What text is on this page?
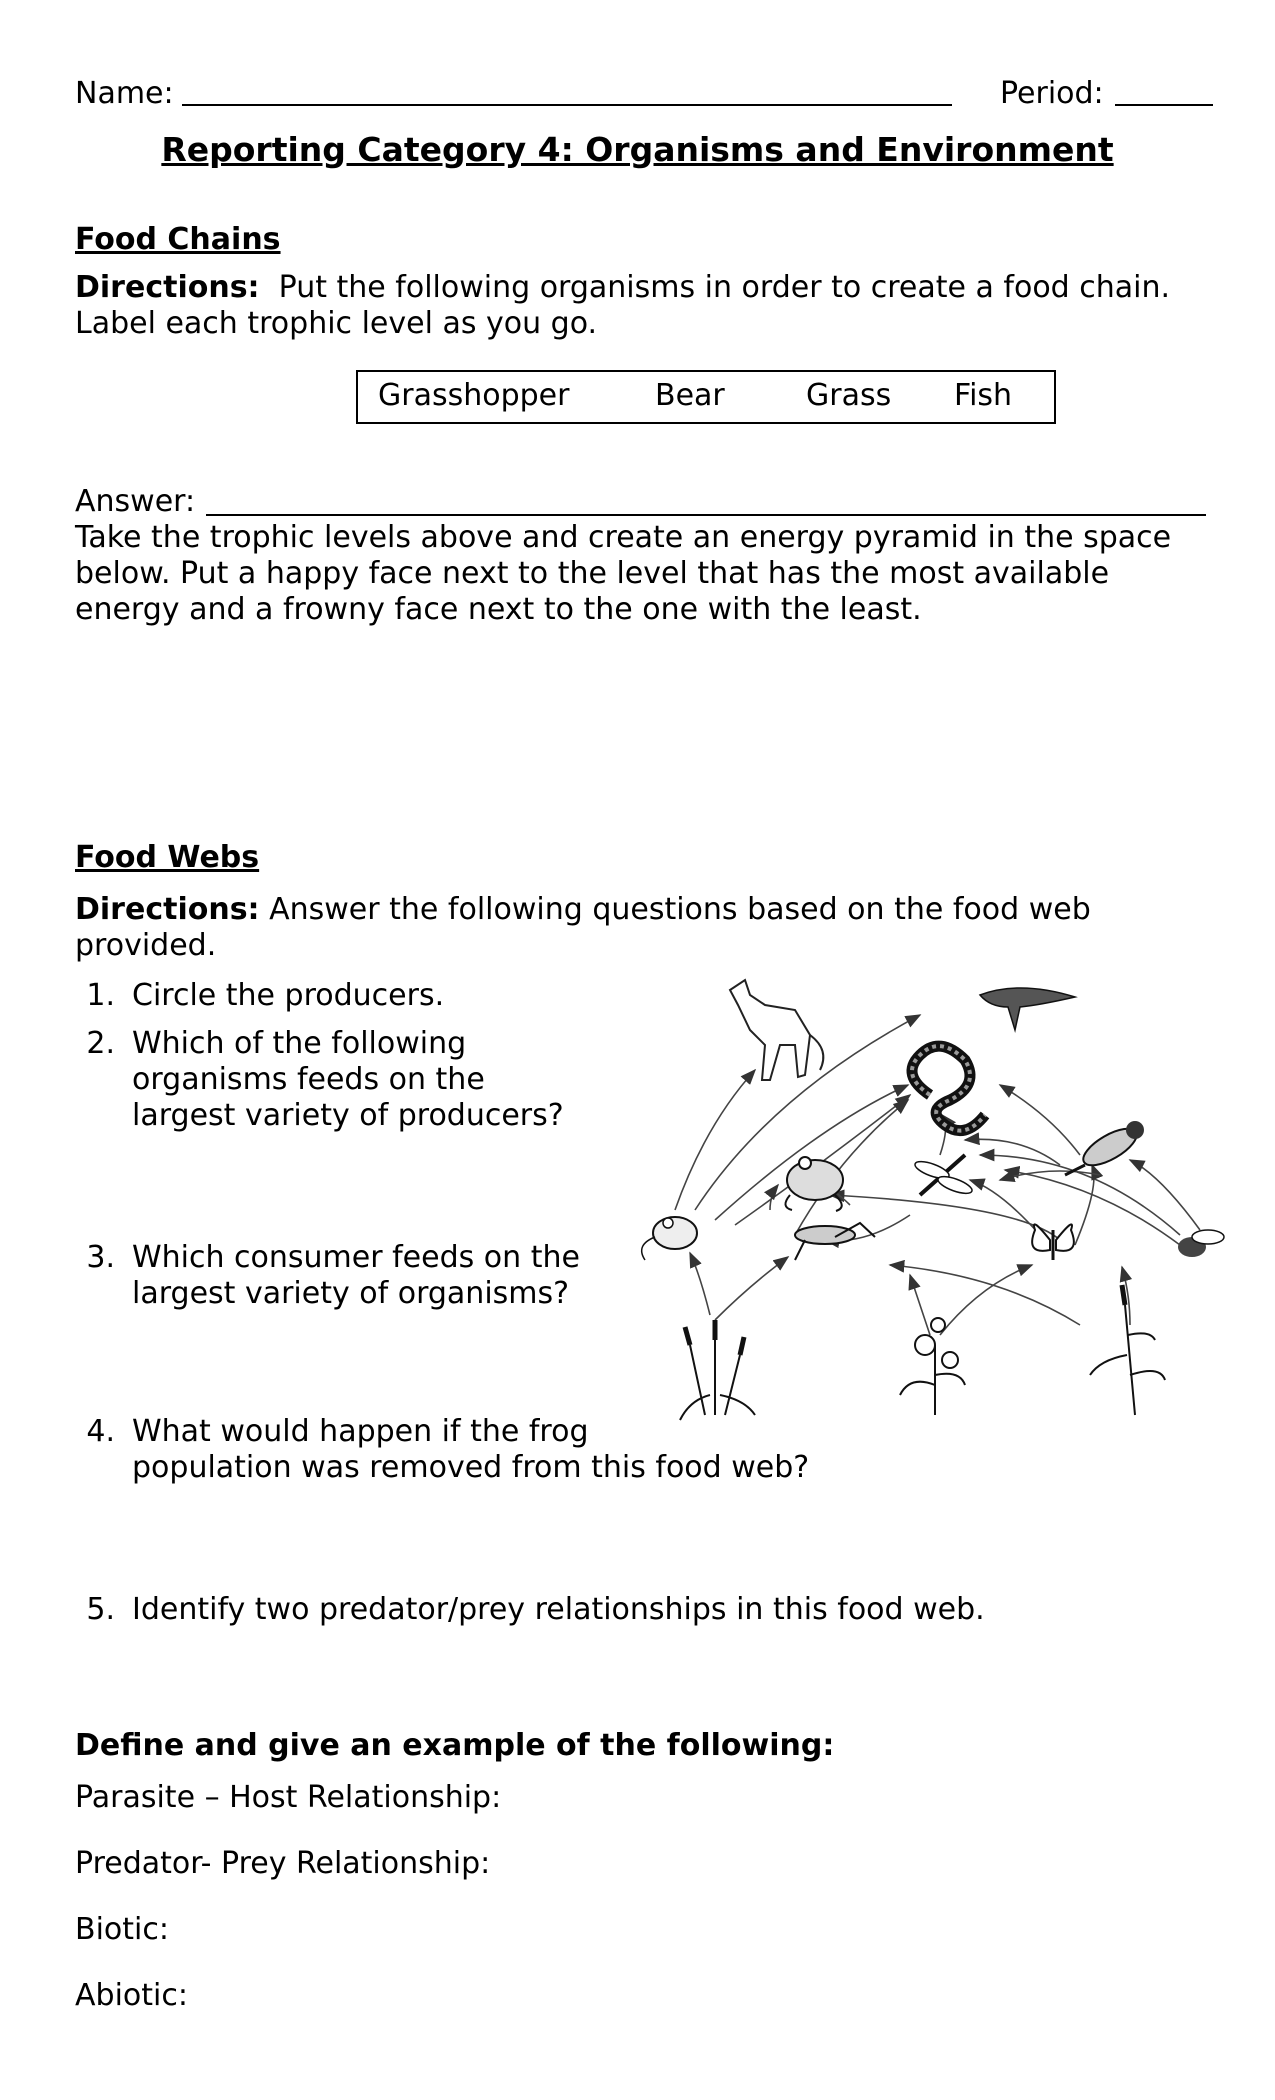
Name:	Period:
Reporting Category 4: Organisms and Environment
Food Chains
Directions: Put the following organisms in order to create a food chain.
Label each trophic level as you go.
Grasshopper	Bear	Grass Fish
Answer:
Take the trophic levels above and create an energy pyramid in the space
below. Put a happy face next to the level that has the most available
energy and a frowny face next to the one with the least.
Food Webs
Directions: Answer the following questions based on the food web
provided.
1. Circle the producers.
2. Which of the following
organisms feeds on the
largest variety of producers?
3. Which consumer feeds on the
largest variety of organisms?
4. What would happen if the frog
population was removed from this food web?
5. Identify two predator/prey relationships in this food web.
Define and give an example of the following:
Parasite – Host Relationship:
Predator- Prey Relationship:
Biotic:
Abiotic:
